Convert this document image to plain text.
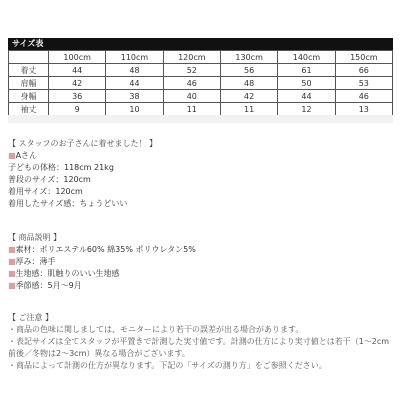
サイズ表
	100cm	110cm	120cm	130cm	140cm	150cm
着丈	44	48	52	56	61	66
肩幅	42	44	46	48	50	53
身幅	36	38	40	42	44	46
袖丈	9	10	11	11	12	13

【 スタッフのお子さんに着せました！ 】

■Aさん

子どもの体格：118cm 21kg

普段のサイズ：120cm

着用サイズ：120cm

着用したサイズ感：ちょうどいい

【 商品説明 】

■素材：ポリエステル60% 綿35% ポリウレタン5%

■厚み：薄手

■生地感：肌触りのいい生地感

■季節感：5月〜9月

【 ご注意 】

・商品の色味に関しましては、モニターにより若干の誤差が出る場合があります。

・表記サイズは全てスタッフが平置きで計測した実寸値です。計測の仕方により実寸値とは若干（1〜2cm前後／冬物は2〜3cm）異なる場合がございます。

・商品によって計測の仕方が異なります。下記の「サイズの測り方」をご参照ください。
